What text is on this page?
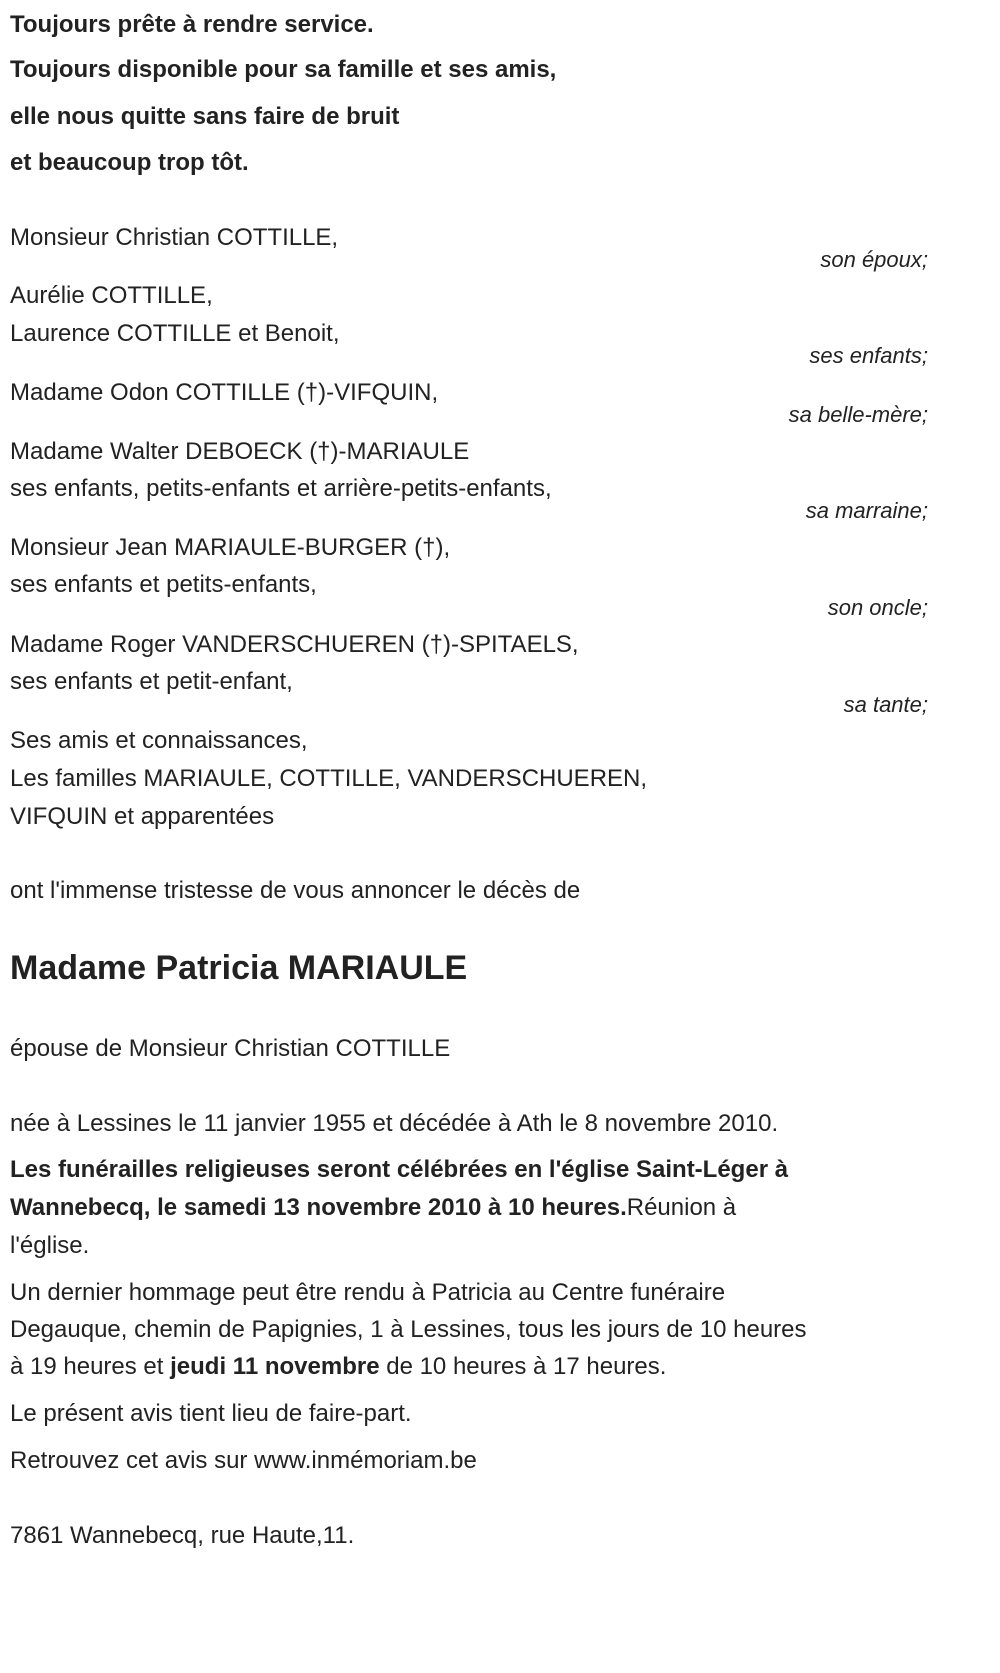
Toujours prête à rendre service.
Toujours disponible pour sa famille et ses amis,
elle nous quitte sans faire de bruit
et beaucoup trop tôt.
Monsieur Christian COTTILLE,
son époux;
Aurélie COTTILLE,
Laurence COTTILLE et Benoit,
ses enfants;
Madame Odon COTTILLE (†)-VIFQUIN,
sa belle-mère;
Madame Walter DEBOECK (†)-MARIAULE
ses enfants, petits-enfants et arrière-petits-enfants,
sa marraine;
Monsieur Jean MARIAULE-BURGER (†),
ses enfants et petits-enfants,
son oncle;
Madame Roger VANDERSCHUEREN (†)-SPITAELS,
ses enfants et petit-enfant,
sa tante;
Ses amis et connaissances,
Les familles MARIAULE, COTTILLE, VANDERSCHUEREN,
VIFQUIN et apparentées
ont l'immense tristesse de vous annoncer le décès de
Madame Patricia MARIAULE
épouse de Monsieur Christian COTTILLE
née à Lessines le 11 janvier 1955 et décédée à Ath le 8 novembre 2010.
Les funérailles religieuses seront célébrées en l'église Saint-Léger à
Wannebecq, le samedi 13 novembre 2010 à 10 heures.Réunion à
l'église.
Un dernier hommage peut être rendu à Patricia au Centre funéraire
Degauque, chemin de Papignies, 1 à Lessines, tous les jours de 10 heures
à 19 heures et jeudi 11 novembre de 10 heures à 17 heures.
Le présent avis tient lieu de faire-part.
Retrouvez cet avis sur www.inmémoriam.be
7861 Wannebecq, rue Haute,11.
